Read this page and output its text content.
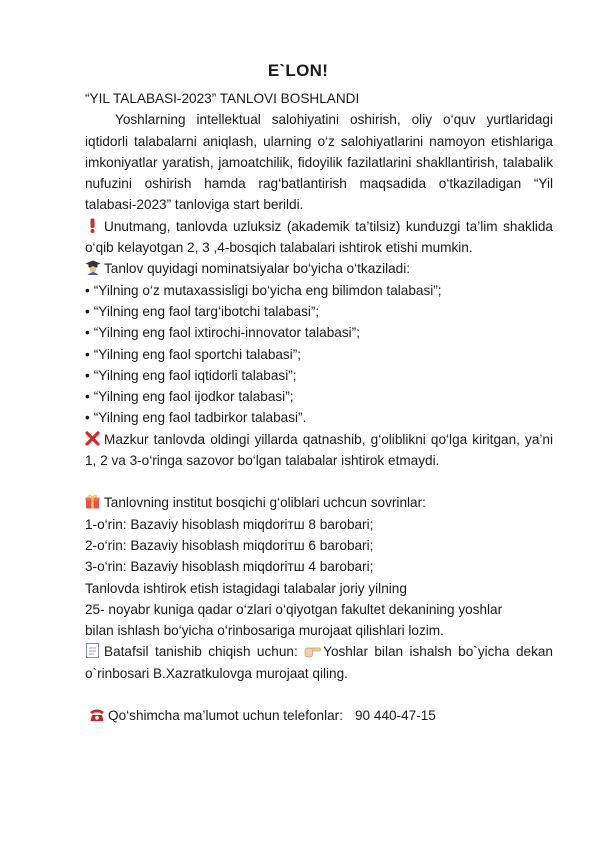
E`LON!
“YIL TALABASI-2023” TANLOVI BOSHLANDI
Yoshlarning intellektual salohiyatini oshirish, oliy o‘quv yurtlaridagi iqtidorli talabalarni aniqlash, ularning o‘z salohiyatlarini namoyon etishlariga imkoniyatlar yaratish, jamoatchilik, fidoyilik fazilatlarini shakllantirish, talabalik nufuzini oshirish hamda rag‘batlantirish maqsadida o‘tkaziladigan “Yil talabasi-2023” tanloviga start berildi.
Unutmang, tanlovda uzluksiz (akademik ta’tilsiz) kunduzgi ta’lim shaklida o‘qib kelayotgan 2, 3 ,4-bosqich talabalari ishtirok etishi mumkin.
Tanlov quyidagi nominatsiyalar bo‘yicha o‘tkaziladi:
• “Yilning o‘z mutaxassisligi bo‘yicha eng bilimdon talabasi”;
• “Yilning eng faol targ‘ibotchi talabasi”;
• “Yilning eng faol ixtirochi-innovator talabasi”;
• “Yilning eng faol sportchi talabasi”;
• “Yilning eng faol iqtidorli talabasi”;
• “Yilning eng faol ijodkor talabasi”;
• “Yilning eng faol tadbirkor talabasi”.
Mazkur tanlovda oldingi yillarda qatnashib, g‘oliblikni qo‘lga kiritgan, ya’ni 1, 2 va 3-o‘ringa sazovor bo‘lgan talabalar ishtirok etmaydi.
Tanlovning institut bosqichi g‘oliblari uchcun sovrinlar:
1-o‘rin: Bazaviy hisoblash miqdoriтш 8 barobari;
2-o‘rin: Bazaviy hisoblash miqdoriтш 6 barobari;
3-o‘rin: Bazaviy hisoblash miqdoriтш 4 barobari;
Tanlovda ishtirok etish istagidagi talabalar joriy yilning
25- noyabr kuniga qadar o‘zlari o‘qiyotgan fakultet dekanining yoshlar
bilan ishlash bo‘yicha o‘rinbosariga murojaat qilishlari lozim.
Batafsil tanishib chiqish uchun: Yoshlar bilan ishalsh bo`yicha dekan o`rinbosari B.Xazratkulovga murojaat qiling.
Qo‘shimcha ma’lumot uchun telefonlar: 90 440-47-15
